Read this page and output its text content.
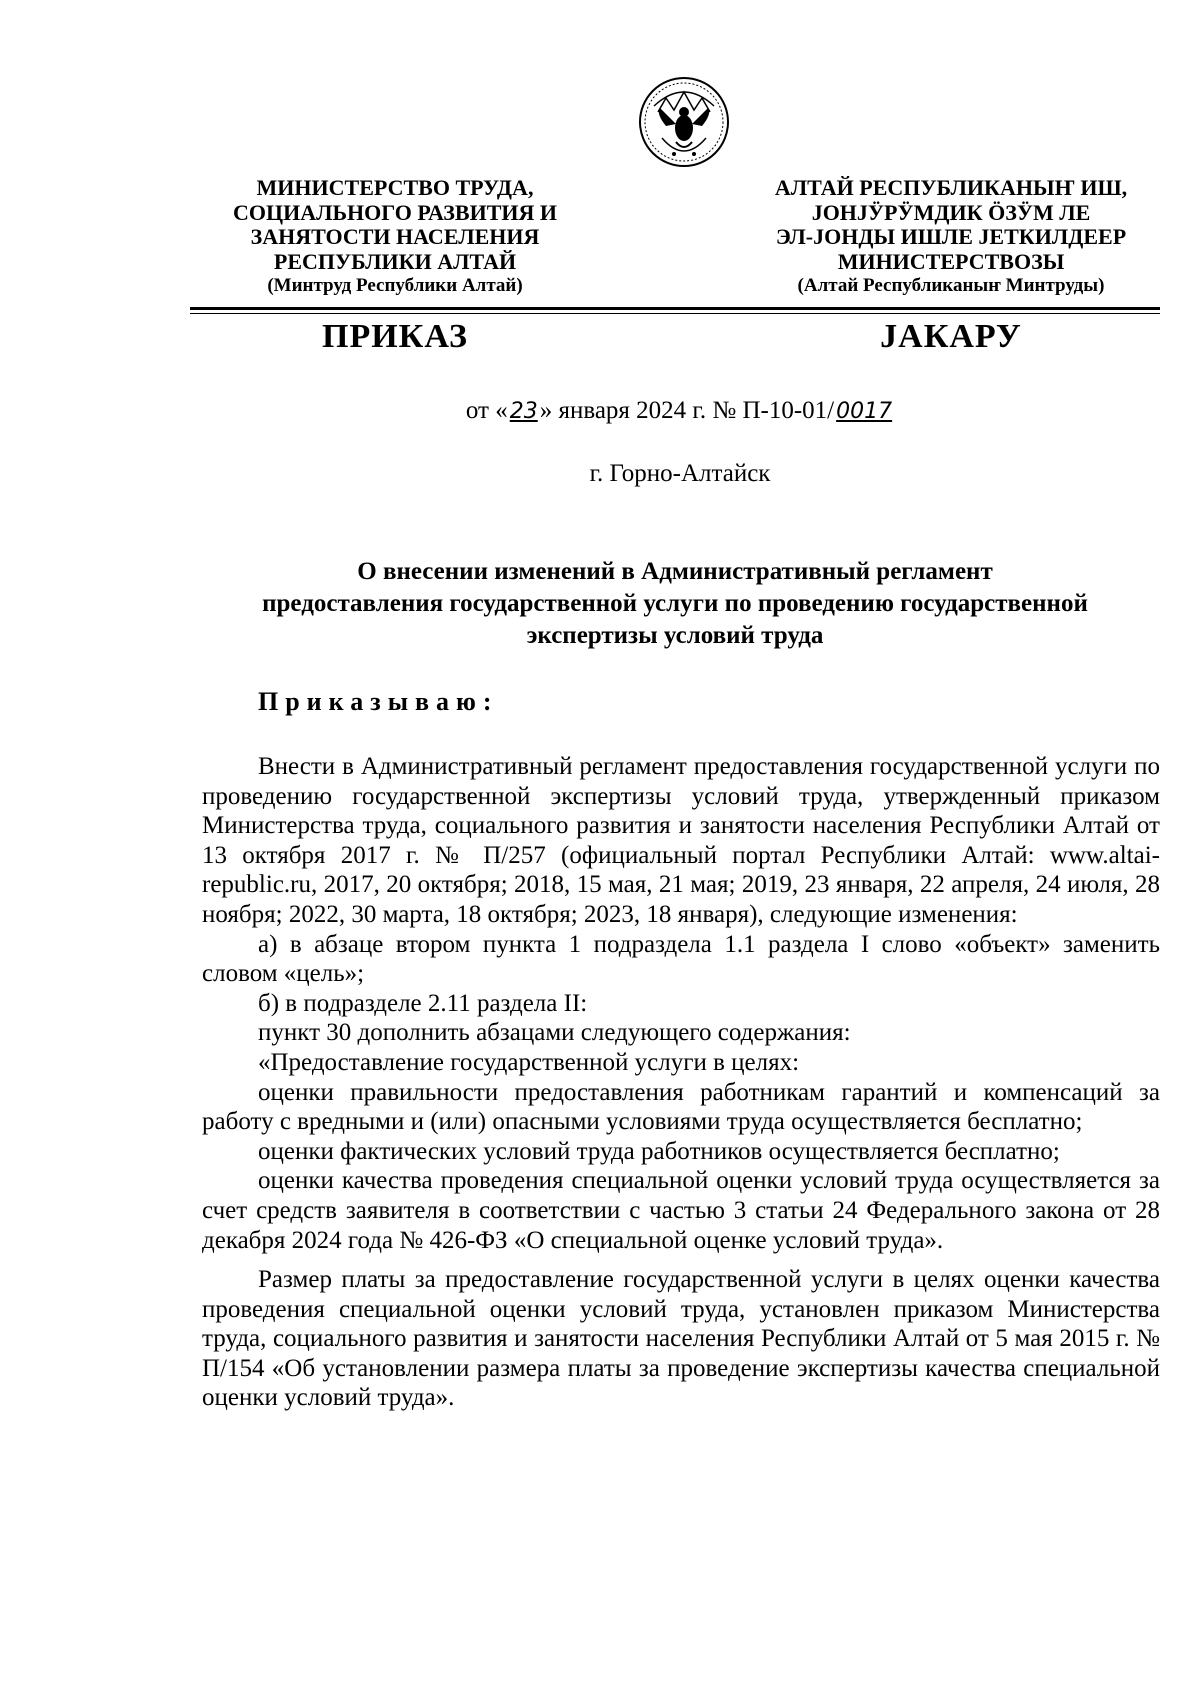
МИНИСТЕРСТВО ТРУДА,
СОЦИАЛЬНОГО РАЗВИТИЯ И
ЗАНЯТОСТИ НАСЕЛЕНИЯ
РЕСПУБЛИКИ АЛТАЙ
(Минтруд Республики Алтай)
АЛТАЙ РЕСПУБЛИКАНЫҤ ИШ,
JОНJӰРӰМДИК ӦЗӰМ ЛЕ
ЭЛ-JОНДЫ ИШЛЕ JЕТКИЛДЕЕР
МИНИСТЕРСТВОЗЫ
(Алтай Республиканыҥ Минтруды)
ПРИКАЗ	JАКАРУ
от «23» января 2024 г. № П-10-01/0017
г. Горно-Алтайск
О внесении изменений в Административный регламент
предоставления государственной услуги по проведению государственной
экспертизы условий труда
Приказываю:

Внести в Административный регламент предоставления государственной услуги по проведению государственной экспертизы условий труда, утвержденный приказом Министерства труда, социального развития и занятости населения Республики Алтай от 13 октября 2017 г. № П/257 (официальный портал Республики Алтай: www.altai-republic.ru, 2017, 20 октября; 2018, 15 мая, 21 мая; 2019, 23 января, 22 апреля, 24 июля, 28 ноября; 2022, 30 марта, 18 октября; 2023, 18 января), следующие изменения:

а) в абзаце втором пункта 1 подраздела 1.1 раздела I слово «объект» заменить словом «цель»;

б) в подразделе 2.11 раздела II:

пункт 30 дополнить абзацами следующего содержания:

«Предоставление государственной услуги в целях:

оценки правильности предоставления работникам гарантий и компенсаций за работу с вредными и (или) опасными условиями труда осуществляется бесплатно;

оценки фактических условий труда работников осуществляется бесплатно;

оценки качества проведения специальной оценки условий труда осуществляется за счет средств заявителя в соответствии с частью 3 статьи 24 Федерального закона от 28 декабря 2024 года № 426-ФЗ «О специальной оценке условий труда».

Размер платы за предоставление государственной услуги в целях оценки качества проведения специальной оценки условий труда, установлен приказом Министерства труда, социального развития и занятости населения Республики Алтай от 5 мая 2015 г. № П/154 «Об установлении размера платы за проведение экспертизы качества специальной оценки условий труда».
